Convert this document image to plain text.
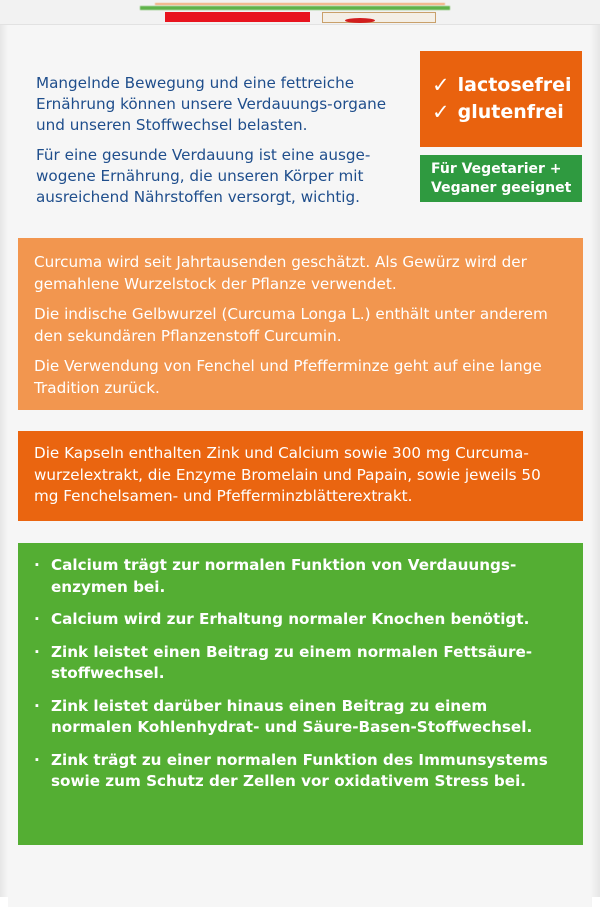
Mangelnde Bewegung und eine fettreiche Ernährung können unsere Verdauungs-organe und unseren Stoffwechsel belasten.

Für eine gesunde Verdauung ist eine ausge-wogene Ernährung, die unseren Körper mit ausreichend Nährstoffen versorgt, wichtig.

✓ lactosefrei
✓ glutenfrei
Für Vegetarier +
Veganer geeignet

Curcuma wird seit Jahrtausenden geschätzt. Als Gewürz wird der gemahlene Wurzelstock der Pflanze verwendet.

Die indische Gelbwurzel (Curcuma Longa L.) enthält unter anderem den sekundären Pflanzenstoff Curcumin.

Die Verwendung von Fenchel und Pfefferminze geht auf eine lange Tradition zurück.

Die Kapseln enthalten Zink und Calcium sowie 300 mg Curcuma-wurzelextrakt, die Enzyme Bromelain und Papain, sowie jeweils 50 mg Fenchelsamen- und Pfefferminzblätterextrakt.

· Calcium trägt zur normalen Funktion von Verdauungs-enzymen bei.
· Calcium wird zur Erhaltung normaler Knochen benötigt.
· Zink leistet einen Beitrag zu einem normalen Fettsäure-stoffwechsel.
· Zink leistet darüber hinaus einen Beitrag zu einem normalen Kohlenhydrat- und Säure-Basen-Stoffwechsel.
· Zink trägt zu einer normalen Funktion des Immunsystems sowie zum Schutz der Zellen vor oxidativem Stress bei.
